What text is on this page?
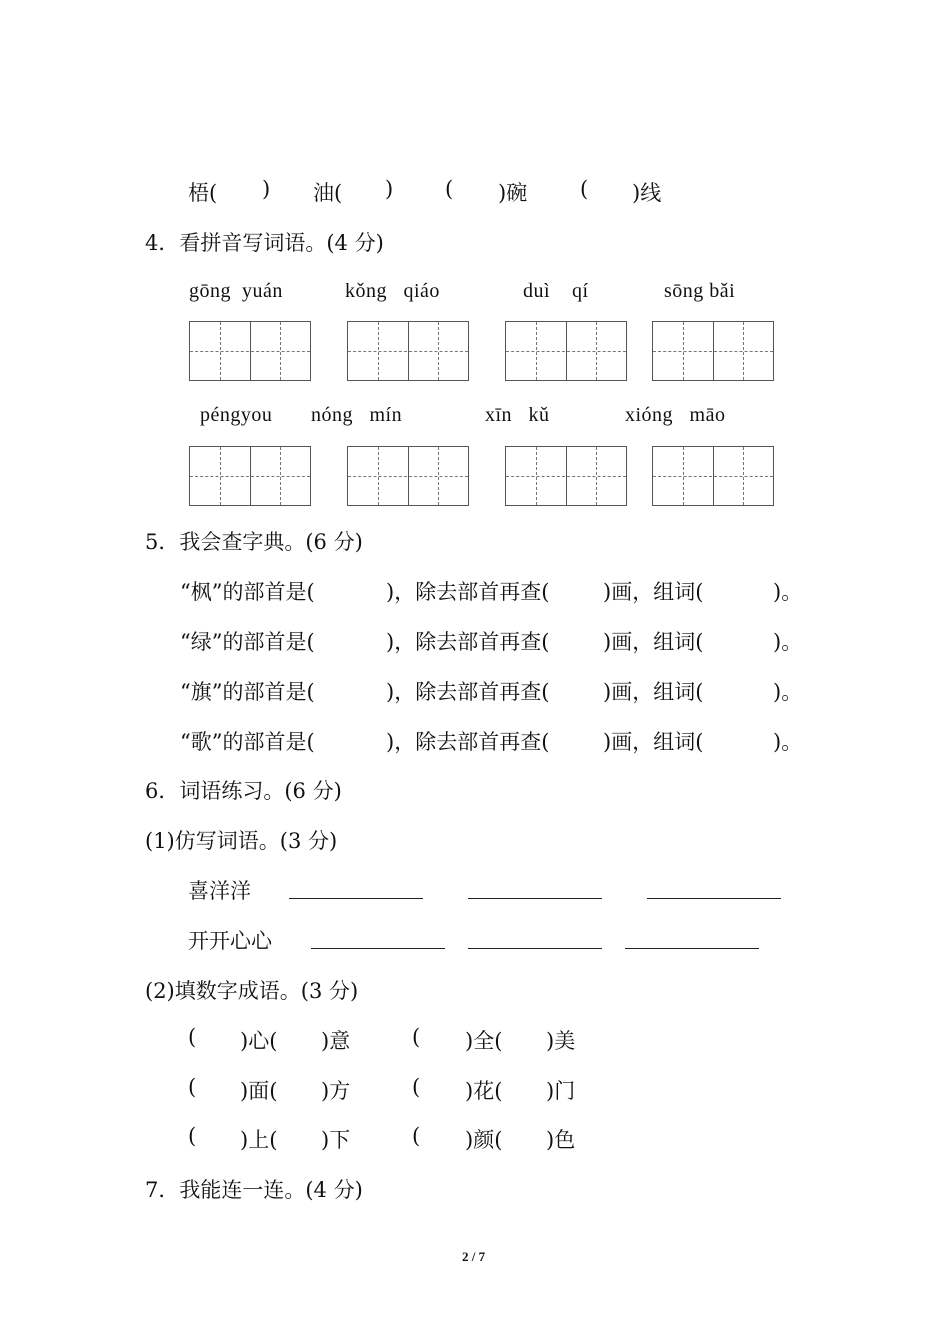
梧( ) 油( ) ( )碗	( )线
4．看拼音写词语。(4 分)
gōng  yuán	kǒng   qiáo	duì    qí	sōng bǎi
péngyou nóng   mín	xīn   kǔ	xióng   māo
5．我会查字典。(6 分)
“枫”的部首是(	)，除去部首再查(	)画，组词(	)。
“绿”的部首是(	)，除去部首再查(	)画，组词(	)。
“旗”的部首是(	)，除去部首再查(	)画，组词(	)。
“歌”的部首是(	)，除去部首再查(	)画，组词(	)。
6．词语练习。(6 分)
(1)仿写词语。(3 分)
喜洋洋
开开心心
(2)填数字成语。(3 分)
( )心( )意	( )全( )美
( )面( )方	( )花( )门
( )上( )下	( )颜( )色
7．我能连一连。(4 分)
2 / 7
